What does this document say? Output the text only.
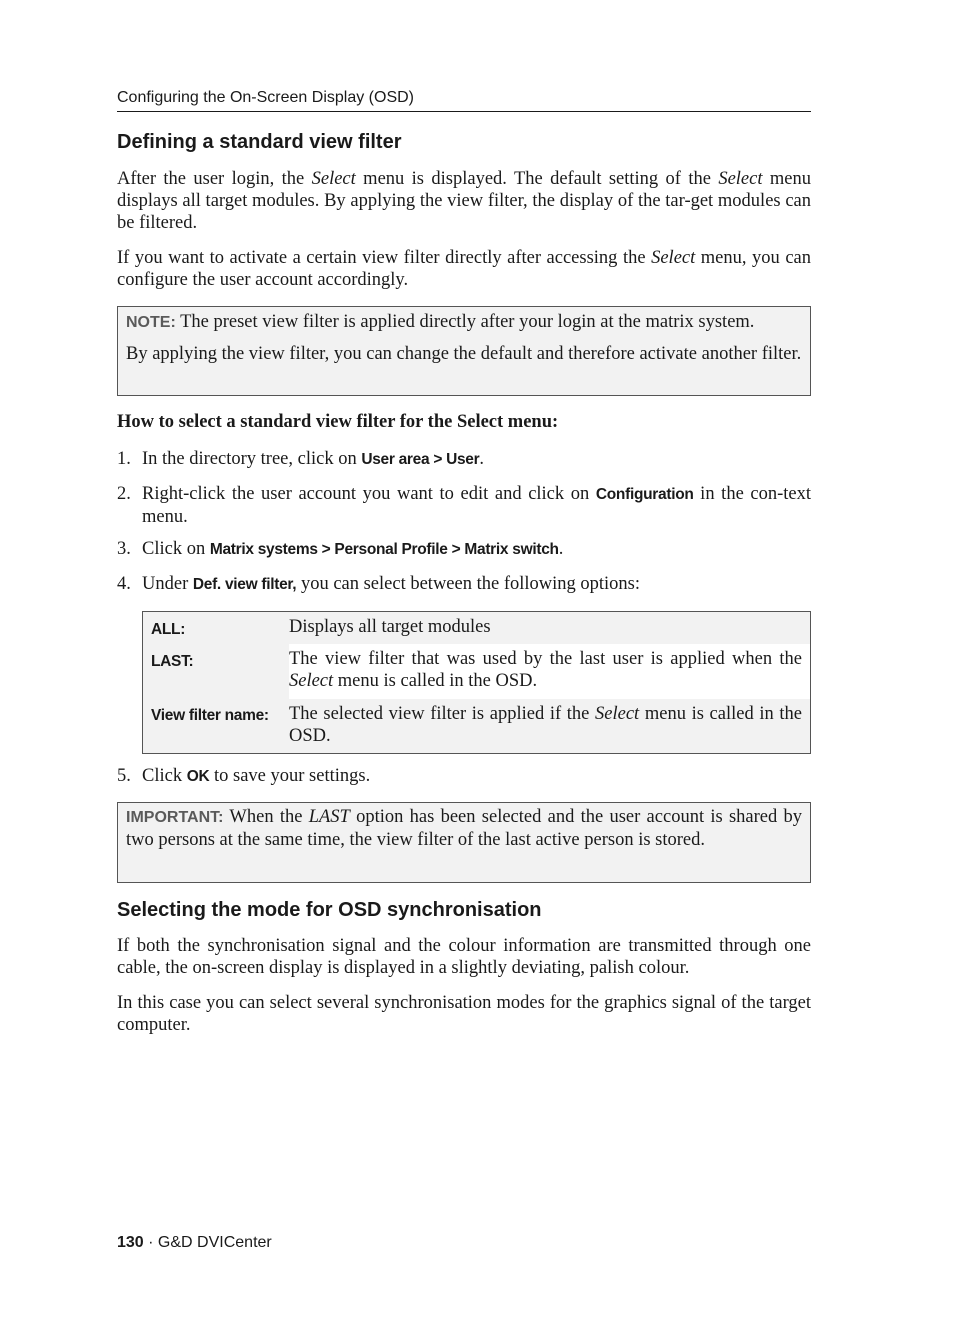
Configuring the On-Screen Display (OSD)
Defining a standard view filter

After the user login, the Select menu is displayed. The default setting of the Select menu displays all target modules. By applying the view filter, the display of the tar-get modules can be filtered.

If you want to activate a certain view filter directly after accessing the Select menu, you can configure the user account accordingly.

NOTE: The preset view filter is applied directly after your login at the matrix system.

By applying the view filter, you can change the default and therefore activate another filter.

How to select a standard view filter for the Select menu:
1. In the directory tree, click on User area > User.
2. Right-click the user account you want to edit and click on Configuration in the con-text menu.
3. Click on Matrix systems > Personal Profile > Matrix switch.
4. Under Def. view filter, you can select between the following options:
ALL:	Displays all target modules
LAST:	The view filter that was used by the last user is applied when the Select menu is called in the OSD.
View filter name:	The selected view filter is applied if the Select menu is called in the OSD.
5. Click OK to save your settings.

IMPORTANT: When the LAST option has been selected and the user account is shared by two persons at the same time, the view filter of the last active person is stored.

Selecting the mode for OSD synchronisation

If both the synchronisation signal and the colour information are transmitted through one cable, the on-screen display is displayed in a slightly deviating, palish colour.

In this case you can select several synchronisation modes for the graphics signal of the target computer.

130 · G&D DVICenter
